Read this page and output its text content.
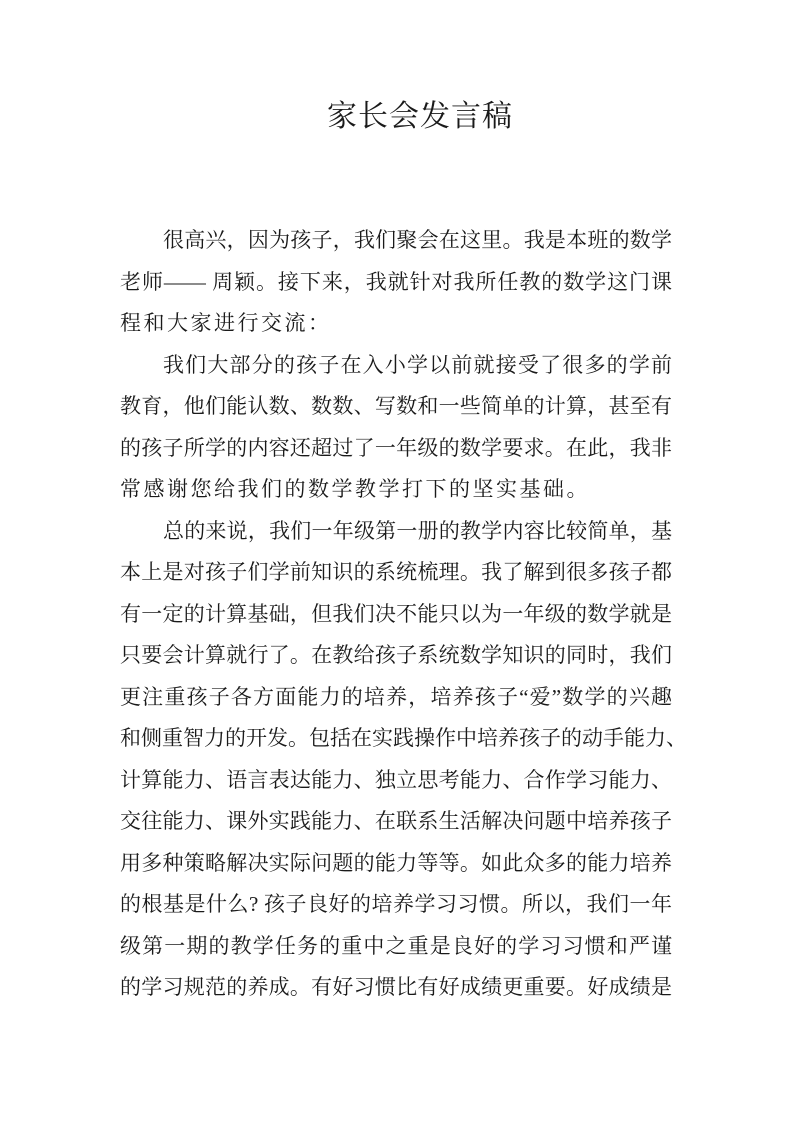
家长会发言稿
很高兴，因为孩子，我们聚会在这里。我是本班的数学
老师—— 周颖。接下来，我就针对我所任教的数学这门课
程和大家进行交流：
我们大部分的孩子在入小学以前就接受了很多的学前
教育，他们能认数、数数、写数和一些简单的计算，甚至有
的孩子所学的内容还超过了一年级的数学要求。在此，我非
常感谢您给我们的数学教学打下的坚实基础。
总的来说，我们一年级第一册的教学内容比较简单，基
本上是对孩子们学前知识的系统梳理。我了解到很多孩子都
有一定的计算基础，但我们决不能只以为一年级的数学就是
只要会计算就行了。在教给孩子系统数学知识的同时，我们
更注重孩子各方面能力的培养，培养孩子“爱”数学的兴趣
和侧重智力的开发。包括在实践操作中培养孩子的动手能力、
计算能力、语言表达能力、独立思考能力、合作学习能力、
交往能力、课外实践能力、在联系生活解决问题中培养孩子
用多种策略解决实际问题的能力等等。如此众多的能力培养
的根基是什么? 孩子良好的培养学习习惯。所以，我们一年
级第一期的教学任务的重中之重是良好的学习习惯和严谨
的学习规范的养成。有好习惯比有好成绩更重要。好成绩是
